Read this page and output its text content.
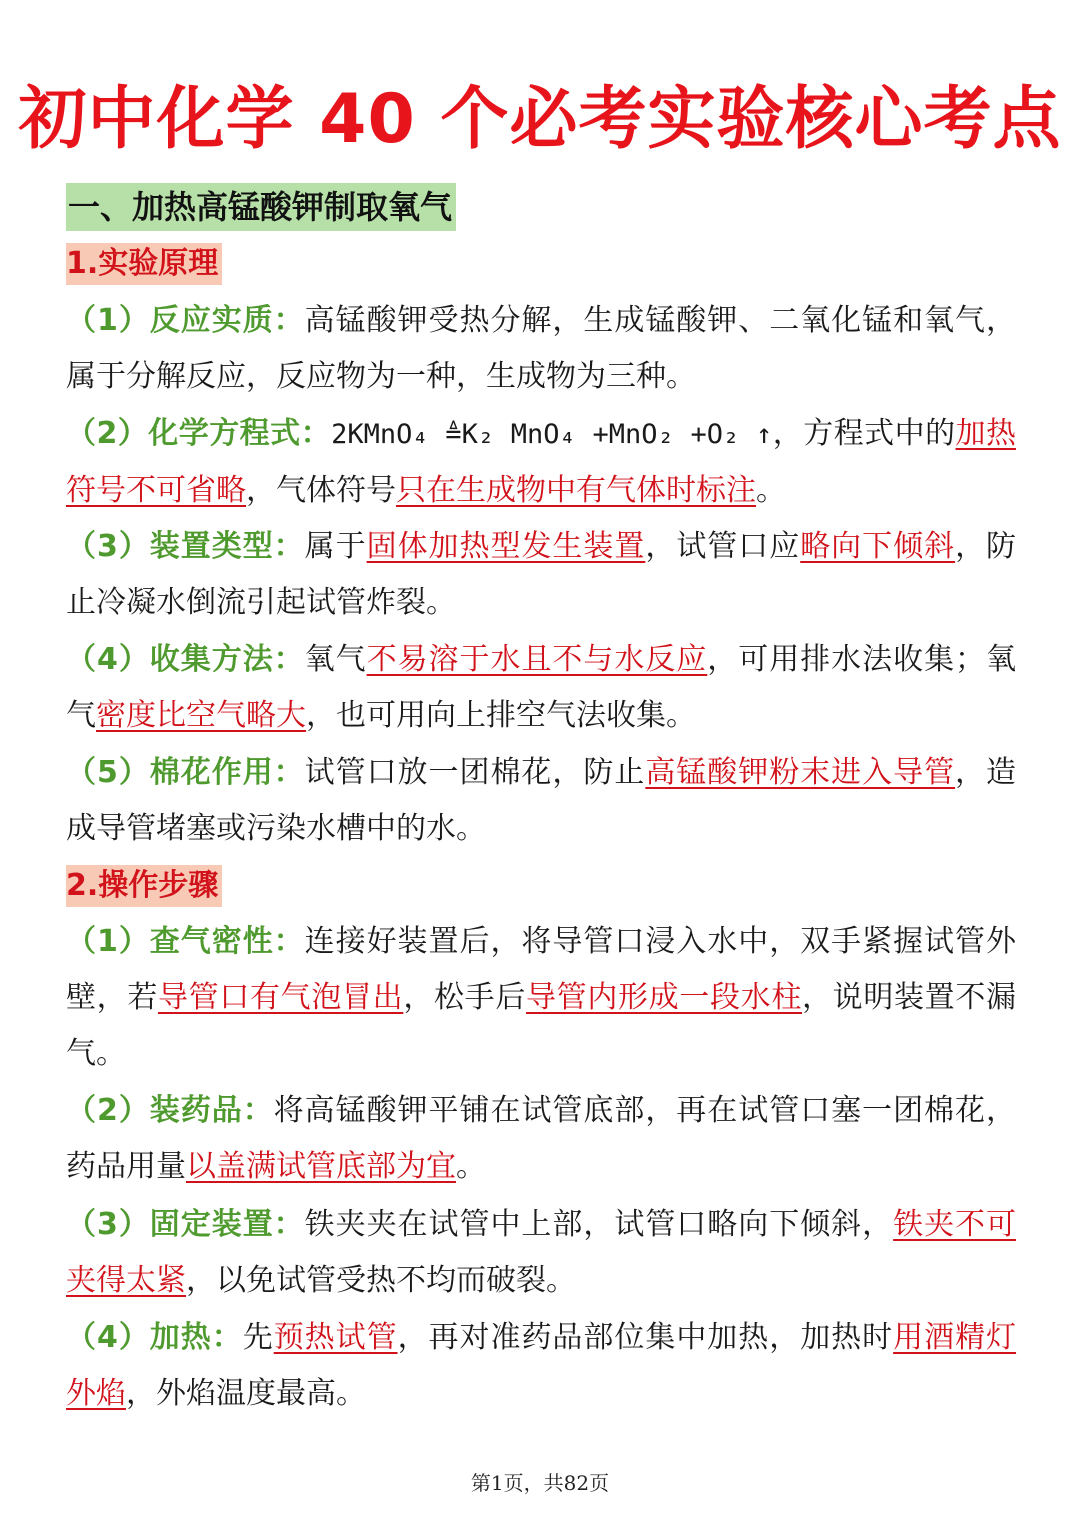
初中化学 40 个必考实验核心考点
一、加热高锰酸钾制取氧气
1.实验原理
（1）反应实质：高锰酸钾受热分解，生成锰酸钾、二氧化锰和氧气，属于分解反应，反应物为一种，生成物为三种。
（2）化学方程式：2KMnO₄ ≜K₂ MnO₄ +MnO₂ +O₂ ↑，方程式中的加热符号不可省略，气体符号只在生成物中有气体时标注。
（3）装置类型：属于固体加热型发生装置，试管口应略向下倾斜，防止冷凝水倒流引起试管炸裂。
（4）收集方法：氧气不易溶于水且不与水反应，可用排水法收集；氧气密度比空气略大，也可用向上排空气法收集。
（5）棉花作用：试管口放一团棉花，防止高锰酸钾粉末进入导管，造成导管堵塞或污染水槽中的水。
2.操作步骤
（1）查气密性：连接好装置后，将导管口浸入水中，双手紧握试管外壁，若导管口有气泡冒出，松手后导管内形成一段水柱，说明装置不漏气。
（2）装药品：将高锰酸钾平铺在试管底部，再在试管口塞一团棉花，药品用量以盖满试管底部为宜。
（3）固定装置：铁夹夹在试管中上部，试管口略向下倾斜，铁夹不可夹得太紧，以免试管受热不均而破裂。
（4）加热：先预热试管，再对准药品部位集中加热，加热时用酒精灯外焰，外焰温度最高。
第1页，共82页
